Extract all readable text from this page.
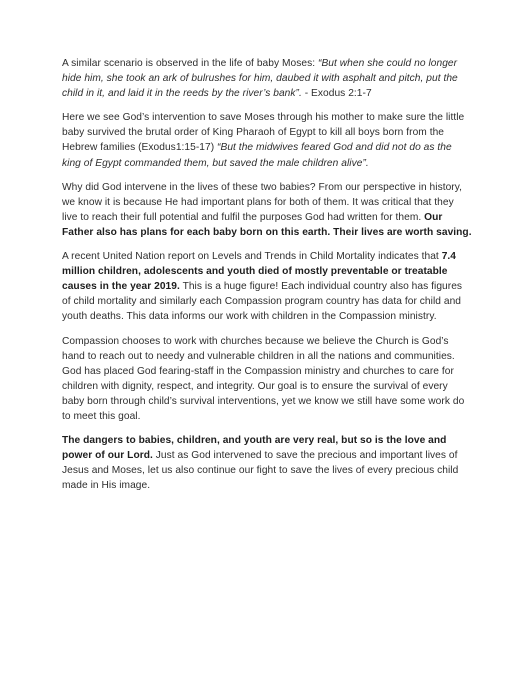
A similar scenario is observed in the life of baby Moses: “But when she could no longer hide him, she took an ark of bulrushes for him, daubed it with asphalt and pitch, put the child in it, and laid it in the reeds by the river’s bank”. - Exodus 2:1-7

Here we see God’s intervention to save Moses through his mother to make sure the little baby survived the brutal order of King Pharaoh of Egypt to kill all boys born from the Hebrew families (Exodus1:15-17) “But the midwives feared God and did not do as the king of Egypt commanded them, but saved the male children alive”.

Why did God intervene in the lives of these two babies? From our perspective in history, we know it is because He had important plans for both of them. It was critical that they live to reach their full potential and fulfil the purposes God had written for them. Our Father also has plans for each baby born on this earth. Their lives are worth saving.

A recent United Nation report on Levels and Trends in Child Mortality indicates that 7.4 million children, adolescents and youth died of mostly preventable or treatable causes in the year 2019. This is a huge figure! Each individual country also has figures of child mortality and similarly each Compassion program country has data for child and youth deaths. This data informs our work with children in the Compassion ministry.

Compassion chooses to work with churches because we believe the Church is God’s hand to reach out to needy and vulnerable children in all the nations and communities. God has placed God fearing-staff in the Compassion ministry and churches to care for children with dignity, respect, and integrity. Our goal is to ensure the survival of every baby born through child’s survival interventions, yet we know we still have some work do to meet this goal.

The dangers to babies, children, and youth are very real, but so is the love and power of our Lord. Just as God intervened to save the precious and important lives of Jesus and Moses, let us also continue our fight to save the lives of every precious child made in His image.
